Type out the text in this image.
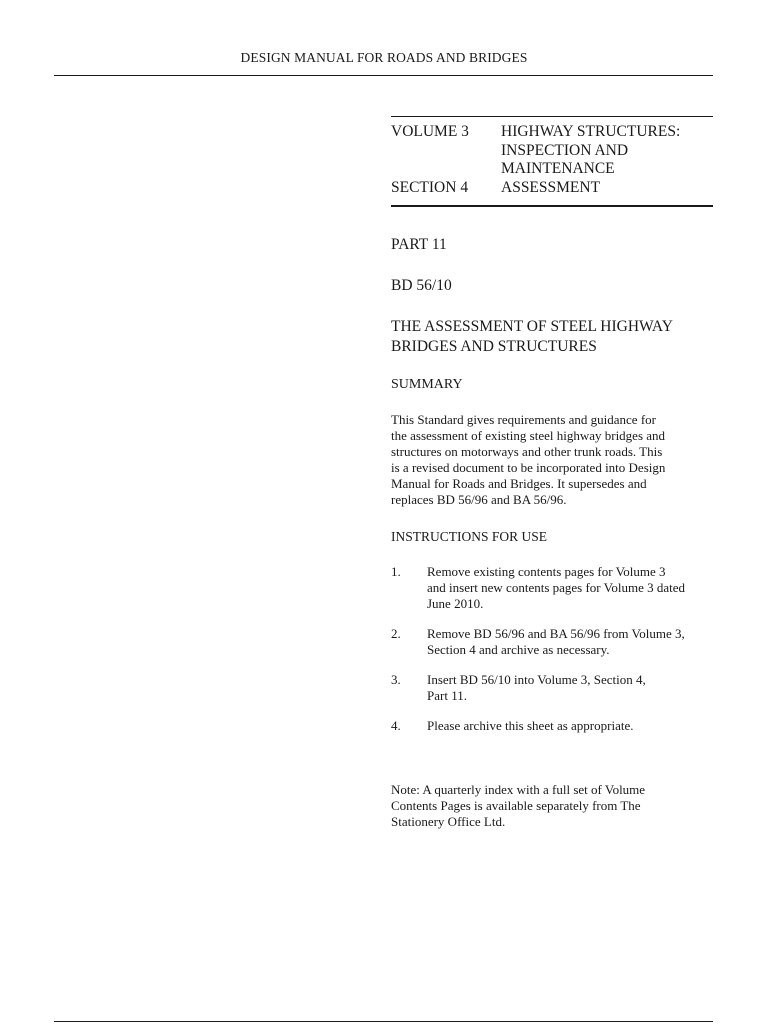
DESIGN MANUAL FOR ROADS AND BRIDGES
VOLUME 3	HIGHWAY STRUCTURES:
INSPECTION AND
MAINTENANCE
SECTION 4	ASSESSMENT
PART 11
BD 56/10
THE ASSESSMENT OF STEEL HIGHWAY
BRIDGES AND STRUCTURES
SUMMARY

This Standard gives requirements and guidance for
the assessment of existing steel highway bridges and
structures on motorways and other trunk roads. This
is a revised document to be incorporated into Design
Manual for Roads and Bridges. It supersedes and
replaces BD 56/96 and BA 56/96.

INSTRUCTIONS FOR USE
1.	Remove existing contents pages for Volume 3
and insert new contents pages for Volume 3 dated
June 2010.
2.	Remove BD 56/96 and BA 56/96 from Volume 3,
Section 4 and archive as necessary.
3.	Insert BD 56/10 into Volume 3, Section 4,
Part 11.
4.	Please archive this sheet as appropriate.

Note: A quarterly index with a full set of Volume
Contents Pages is available separately from The
Stationery Office Ltd.
